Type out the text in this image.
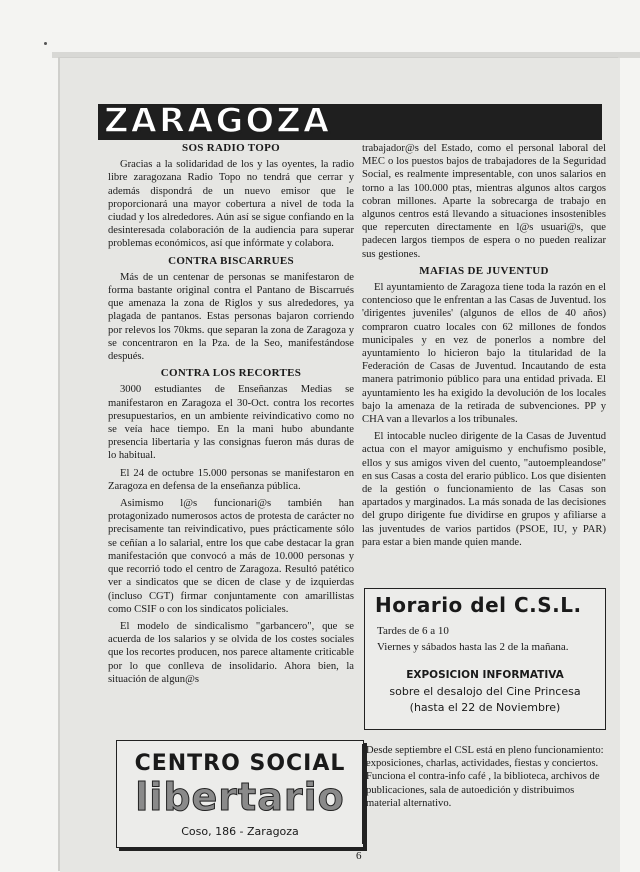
ZARAGOZA
SOS RADIO TOPO

Gracias a la solidaridad de los y las oyentes, la radio libre zaragozana Radio Topo no tendrá que cerrar y además dispondrá de un nuevo emisor que le proporcionará una mayor cobertura a nivel de toda la ciudad y los alrededores. Aún así se sigue confiando en la desinteresada colaboración de la audiencia para superar problemas económicos, así que infórmate y colabora.

CONTRA BISCARRUES

Más de un centenar de personas se manifestaron de forma bastante original contra el Pantano de Biscarrués que amenaza la zona de Riglos y sus alrededores, ya plagada de pantanos. Estas personas bajaron corriendo por relevos los 70kms. que separan la zona de Zaragoza y se concentraron en la Pza. de la Seo, manifestándose después.

CONTRA LOS RECORTES

3000 estudiantes de Enseñanzas Medias se manifestaron en Zaragoza el 30-Oct. contra los recortes presupuestarios, en un ambiente reivindicativo como no se veía hace tiempo. En la mani hubo abundante presencia libertaria y las consignas fueron más duras de lo habitual.

El 24 de octubre 15.000 personas se manifestaron en Zaragoza en defensa de la enseñanza pública.

Asimismo l@s funcionari@s también han protagonizado numerosos actos de protesta de carácter no precisamente tan reivindicativo, pues prácticamente sólo se ceñían a lo salarial, entre los que cabe destacar la gran manifestación que convocó a más de 10.000 personas y que recorrió todo el centro de Zaragoza. Resultó patético ver a sindicatos que se dicen de clase y de izquierdas (incluso CGT) firmar conjuntamente con amarillistas como CSIF o con los sindicatos policiales.

El modelo de sindicalismo "garbancero", que se acuerda de los salarios y se olvida de los costes sociales que los recortes producen, nos parece altamente criticable por lo que conlleva de insolidario. Ahora bien, la situación de algun@s

trabajador@s del Estado, como el personal laboral del MEC o los puestos bajos de trabajadores de la Seguridad Social, es realmente impresentable, con unos salarios en torno a las 100.000 ptas, mientras algunos altos cargos cobran millones. Aparte la sobrecarga de trabajo en algunos centros está llevando a situaciones insostenibles que repercuten directamente en l@s usuari@s, que padecen largos tiempos de espera o no pueden realizar sus gestiones.

MAFIAS DE JUVENTUD

El ayuntamiento de Zaragoza tiene toda la razón en el contencioso que le enfrentan a las Casas de Juventud. los 'dirigentes juveniles' (algunos de ellos de 40 años) compraron cuatro locales con 62 millones de fondos municipales y en vez de ponerlos a nombre del ayuntamiento lo hicieron bajo la titularidad de la Federación de Casas de Juventud. Incautando de esta manera patrimonio público para una entidad privada. El ayuntamiento les ha exigido la devolución de los locales bajo la amenaza de la retirada de subvenciones. PP y CHA van a llevarlos a los tribunales.

El intocable nucleo dirigente de la Casas de Juventud actua con el mayor amiguismo y enchufismo posible, ellos y sus amigos viven del cuento, "autoempleandose" en sus Casas a costa del erario público. Los que disienten de la gestión o funcionamiento de las Casas son apartados y marginados. La más sonada de las decisiones del grupo dirigente fue dividirse en grupos y afiliarse a las juventudes de varios partidos (PSOE, IU, y PAR) para estar a bien mande quien mande.

Horario del C.S.L.
Tardes de 6 a 10
Viernes y sábados hasta las 2 de la mañana.
EXPOSICION INFORMATIVA
sobre el desalojo del Cine Princesa
(hasta el 22 de Noviembre)
CENTRO SOCIAL
libertario
Coso, 186 - Zaragoza
Desde septiembre el CSL está en pleno funcionamiento: exposiciones, charlas, actividades, fiestas y conciertos. Funciona el contra-info café , la biblioteca, archivos de publicaciones, sala de autoedición y distribuimos material alternativo.
6
